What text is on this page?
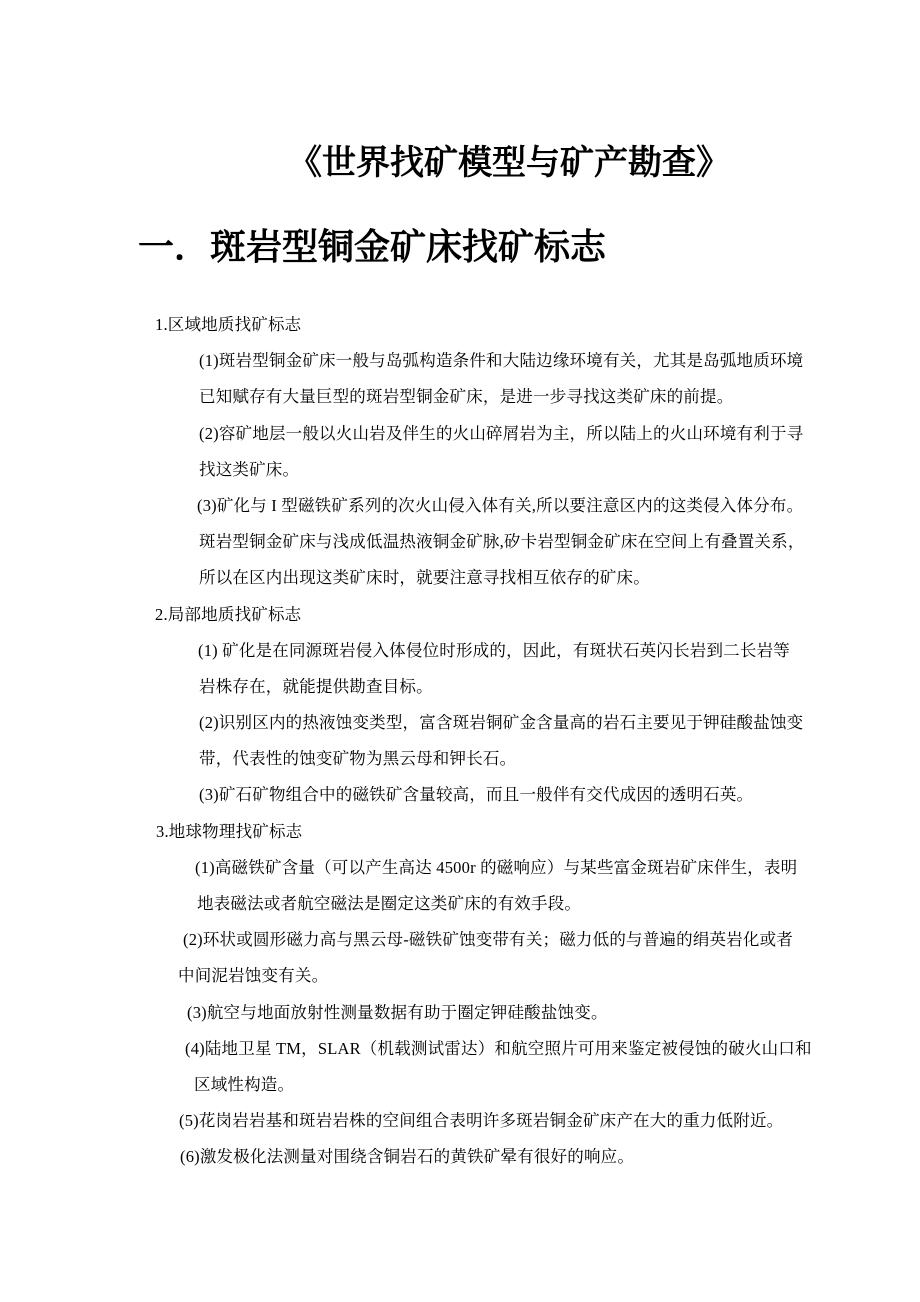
《世界找矿模型与矿产勘查》
一．斑岩型铜金矿床找矿标志
1.区域地质找矿标志
(1)斑岩型铜金矿床一般与岛弧构造条件和大陆边缘环境有关，尤其是岛弧地质环境
已知赋存有大量巨型的斑岩型铜金矿床，是进一步寻找这类矿床的前提。
(2)容矿地层一般以火山岩及伴生的火山碎屑岩为主，所以陆上的火山环境有利于寻
找这类矿床。
(3)矿化与 I 型磁铁矿系列的次火山侵入体有关,所以要注意区内的这类侵入体分布。
斑岩型铜金矿床与浅成低温热液铜金矿脉,矽卡岩型铜金矿床在空间上有叠置关系，
所以在区内出现这类矿床时，就要注意寻找相互依存的矿床。
2.局部地质找矿标志
(1) 矿化是在同源斑岩侵入体侵位时形成的，因此，有斑状石英闪长岩到二长岩等
岩株存在，就能提供勘查目标。
(2)识别区内的热液蚀变类型，富含斑岩铜矿金含量高的岩石主要见于钾硅酸盐蚀变
带，代表性的蚀变矿物为黑云母和钾长石。
(3)矿石矿物组合中的磁铁矿含量较高，而且一般伴有交代成因的透明石英。
3.地球物理找矿标志
(1)高磁铁矿含量（可以产生高达 4500r 的磁响应）与某些富金斑岩矿床伴生，表明
地表磁法或者航空磁法是圈定这类矿床的有效手段。
(2)环状或圆形磁力高与黑云母-磁铁矿蚀变带有关；磁力低的与普遍的绢英岩化或者
中间泥岩蚀变有关。
(3)航空与地面放射性测量数据有助于圈定钾硅酸盐蚀变。
(4)陆地卫星 TM，SLAR（机载测试雷达）和航空照片可用来鉴定被侵蚀的破火山口和
区域性构造。
(5)花岗岩岩基和斑岩岩株的空间组合表明许多斑岩铜金矿床产在大的重力低附近。
(6)激发极化法测量对围绕含铜岩石的黄铁矿晕有很好的响应。
